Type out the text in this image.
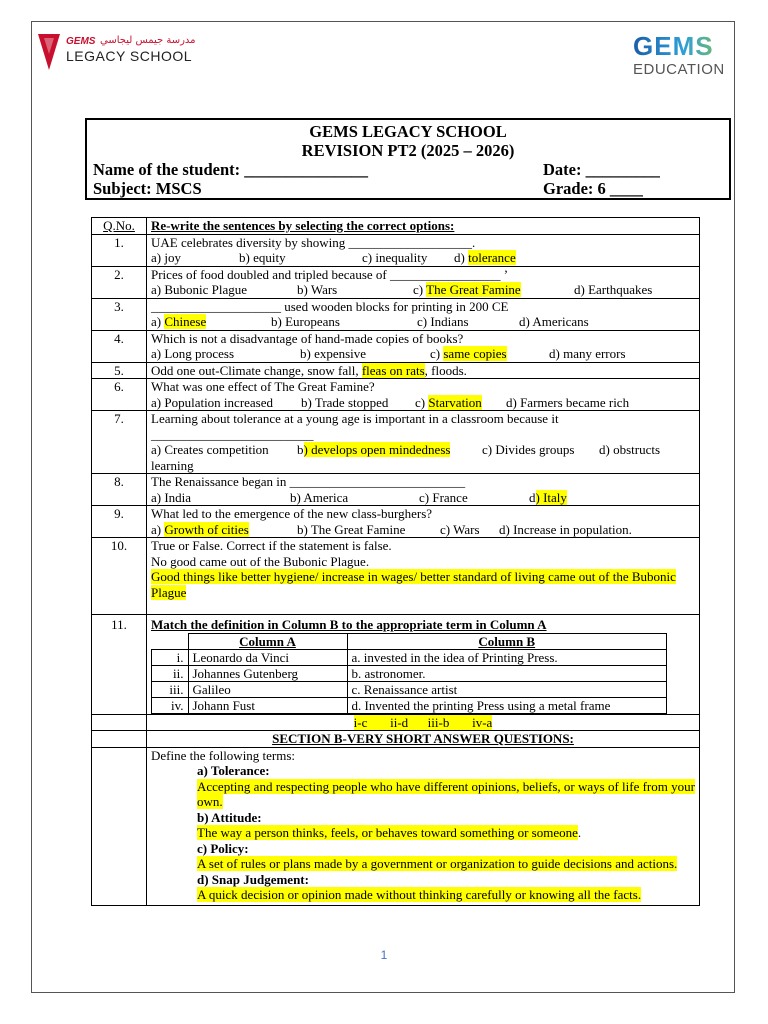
GEMS مدرسة جيمس ليجاسي
LEGACY SCHOOL	GEMS
EDUCATION
GEMS LEGACY SCHOOL
REVISION PT2 (2025 – 2026)
Name of the student: _______________	Date: _________
Subject: MSCS	Grade: 6 ____
Q.No.	Re-write the sentences by selecting the correct options:
1.	UAE celebrates diversity by showing ___________________.
a) joy	b) equity	c) inequality d) tolerance

2.	Prices of food doubled and tripled because of _________________ ’
a) Bubonic Plague	b) Wars	c) The Great Famine	d) Earthquakes

3.	____________________ used wooden blocks for printing in 200 CE
a) Chinese	b) Europeans	c) Indians	d) Americans

4.	Which is not a disadvantage of hand-made copies of books?
a) Long process	b) expensive	c) same copies	d) many errors

5.	Odd one out-Climate change, snow fall, fleas on rats, floods.
6.	What was one effect of The Great Famine?
a) Population increased b) Trade stopped c) Starvation d) Farmers became rich

7.	Learning about tolerance at a young age is important in a classroom because it
_________________________
a) Creates competition b) develops open mindedness c) Divides groups d) obstructs
learning

8.	The Renaissance began in ___________________________
a) India	b) America	c) France	d) Italy

9.	What led to the emergence of the new class-burghers?
a) Growth of cities	b) The Great Famine	c) Wars d) Increase in population.

10.	True or False. Correct if the statement is false.
No good came out of the Bubonic Plague.
Good things like better hygiene/ increase in wages/ better standard of living came out of the Bubonic Plague

11.	Match the definition in Column B to the appropriate term in Column A
	Column A	Column B
i.	Leonardo da Vinci	a. invested in the idea of Printing Press.
ii.	Johannes Gutenberg	b. astronomer.
iii.	Galileo	c. Renaissance artist
iv.	Johann Fust	d. Invented the printing Press using a metal frame

	i-c       ii-d      iii-b       iv-a
	SECTION B-VERY SHORT ANSWER QUESTIONS:

Define the following terms:
a) Tolerance:
Accepting and respecting people who have different opinions, beliefs, or ways of life from your own.
b) Attitude:
The way a person thinks, feels, or behaves toward something or someone.
c) Policy:
A set of rules or plans made by a government or organization to guide decisions and actions.
d) Snap Judgement:
A quick decision or opinion made without thinking carefully or knowing all the facts.
1
